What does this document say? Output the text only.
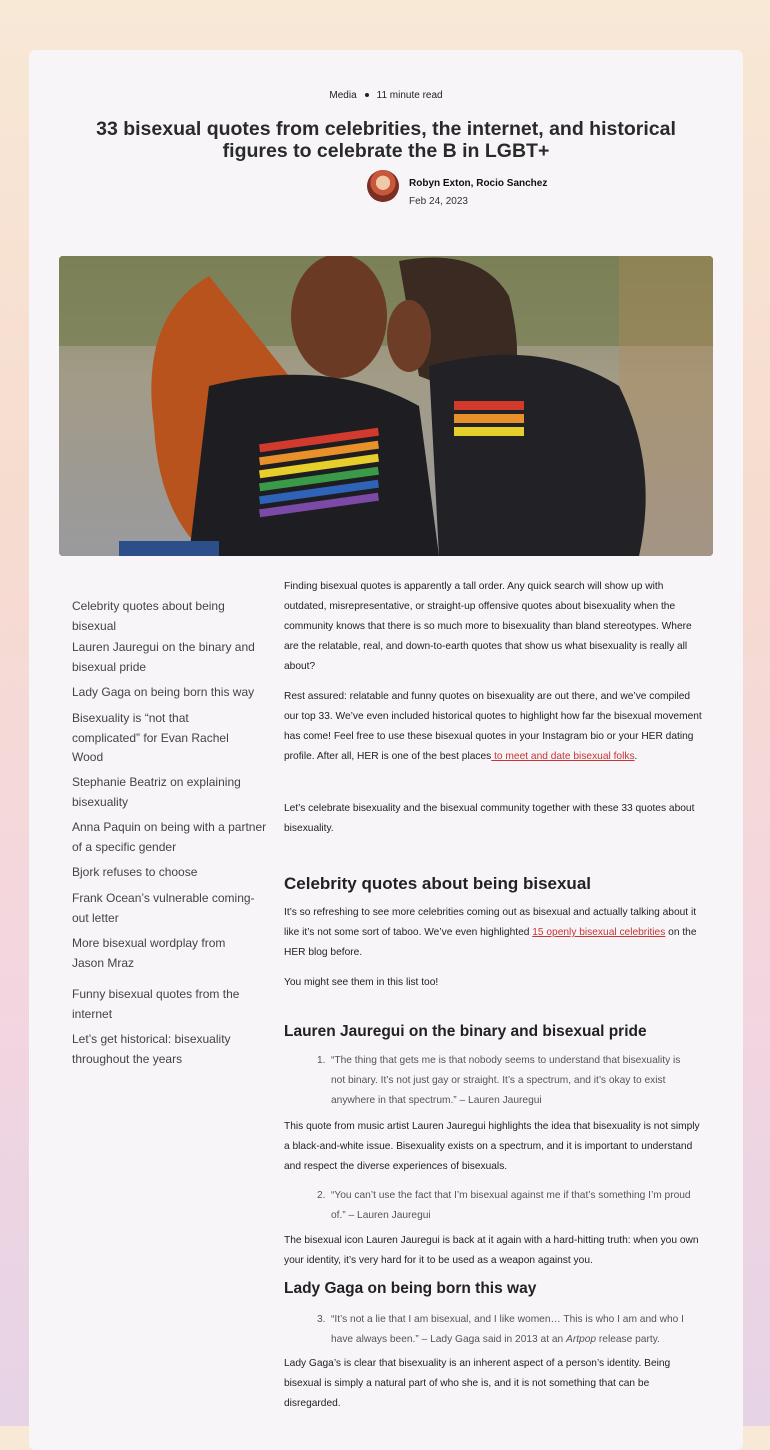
Media 11 minute read
33 bisexual quotes from celebrities, the internet, and historical figures to celebrate the B in LGBT+
Robyn Exton, Rocio Sanchez
Feb 24, 2023
Celebrity quotes about being bisexual
Lauren Jauregui on the binary and bisexual pride
Lady Gaga on being born this way
Bisexuality is “not that complicated” for Evan Rachel Wood
Stephanie Beatriz on explaining bisexuality
Anna Paquin on being with a partner of a specific gender
Bjork refuses to choose
Frank Ocean’s vulnerable coming-out letter
More bisexual wordplay from Jason Mraz
Funny bisexual quotes from the internet
Let’s get historical: bisexuality throughout the years

Finding bisexual quotes is apparently a tall order. Any quick search will show up with outdated, misrepresentative, or straight-up offensive quotes about bisexuality when the community knows that there is so much more to bisexuality than bland stereotypes. Where are the relatable, real, and down-to-earth quotes that show us what bisexuality is really all about?

Rest assured: relatable and funny quotes on bisexuality are out there, and we’ve compiled our top 33. We’ve even included historical quotes to highlight how far the bisexual movement has come! Feel free to use these bisexual quotes in your Instagram bio or your HER dating profile. After all, HER is one of the best places to meet and date bisexual folks.

Let’s celebrate bisexuality and the bisexual community together with these 33 quotes about bisexuality.

Celebrity quotes about being bisexual

It’s so refreshing to see more celebrities coming out as bisexual and actually talking about it like it’s not some sort of taboo. We’ve even highlighted 15 openly bisexual celebrities on the HER blog before.

You might see them in this list too!

Lauren Jauregui on the binary and bisexual pride
1. “The thing that gets me is that nobody seems to understand that bisexuality is not binary. It’s not just gay or straight. It’s a spectrum, and it’s okay to exist anywhere in that spectrum.” – Lauren Jauregui

This quote from music artist Lauren Jauregui highlights the idea that bisexuality is not simply a black-and-white issue. Bisexuality exists on a spectrum, and it is important to understand and respect the diverse experiences of bisexuals.

2. “You can’t use the fact that I’m bisexual against me if that’s something I’m proud of.” – Lauren Jauregui

The bisexual icon Lauren Jauregui is back at it again with a hard-hitting truth: when you own your identity, it’s very hard for it to be used as a weapon against you.

Lady Gaga on being born this way
3. “It’s not a lie that I am bisexual, and I like women… This is who I am and who I have always been.” – Lady Gaga said in 2013 at an Artpop release party.

Lady Gaga’s is clear that bisexuality is an inherent aspect of a person’s identity. Being bisexual is simply a natural part of who she is, and it is not something that can be disregarded.
